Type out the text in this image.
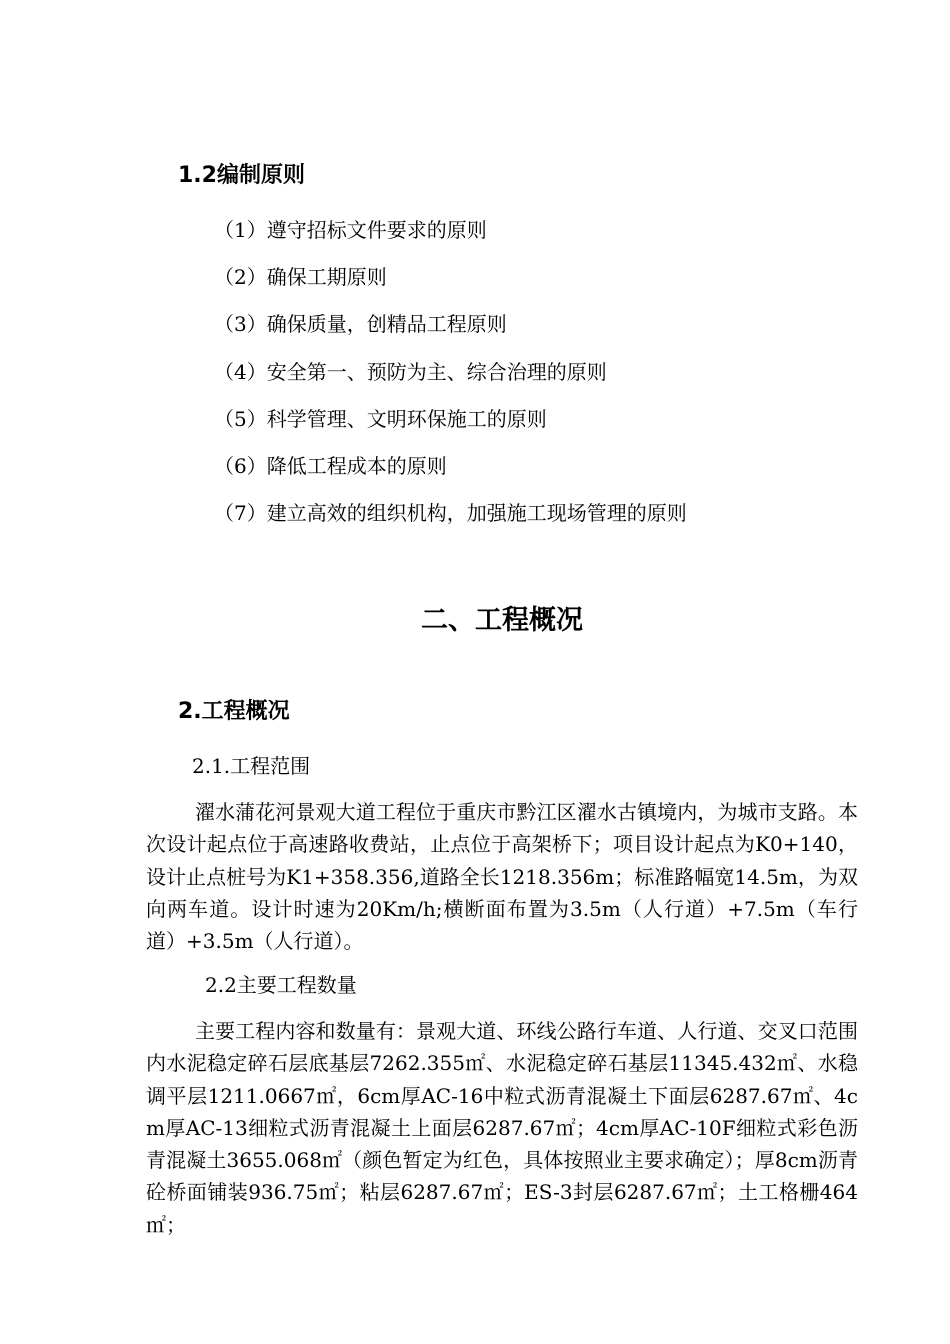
1.2编制原则
（1）遵守招标文件要求的原则
（2）确保工期原则
（3）确保质量，创精品工程原则
（4）安全第一、预防为主、综合治理的原则
（5）科学管理、文明环保施工的原则
（6）降低工程成本的原则
（7）建立高效的组织机构，加强施工现场管理的原则
二、工程概况
2.工程概况
2.1.工程范围

濯水蒲花河景观大道工程位于重庆市黔江区濯水古镇境内，为城市支路。本次设计起点位于高速路收费站，止点位于高架桥下；项目设计起点为K0+140，设计止点桩号为K1+358.356,道路全长1218.356m；标准路幅宽14.5m，为双向两车道。设计时速为20Km/h;横断面布置为3.5m（人行道）+7.5m（车行道）+3.5m（人行道）。

2.2主要工程数量

主要工程内容和数量有：景观大道、环线公路行车道、人行道、交叉口范围内水泥稳定碎石层底基层7262.355㎡、水泥稳定碎石基层11345.432㎡、水稳调平层1211.0667㎡，6cm厚AC-16中粒式沥青混凝土下面层6287.67㎡、4cm厚AC-13细粒式沥青混凝土上面层6287.67㎡；4cm厚AC-10F细粒式彩色沥青混凝土3655.068㎡（颜色暂定为红色，具体按照业主要求确定）；厚8cm沥青砼桥面铺装936.75㎡；粘层6287.67㎡；ES-3封层6287.67㎡；土工格栅464㎡；
